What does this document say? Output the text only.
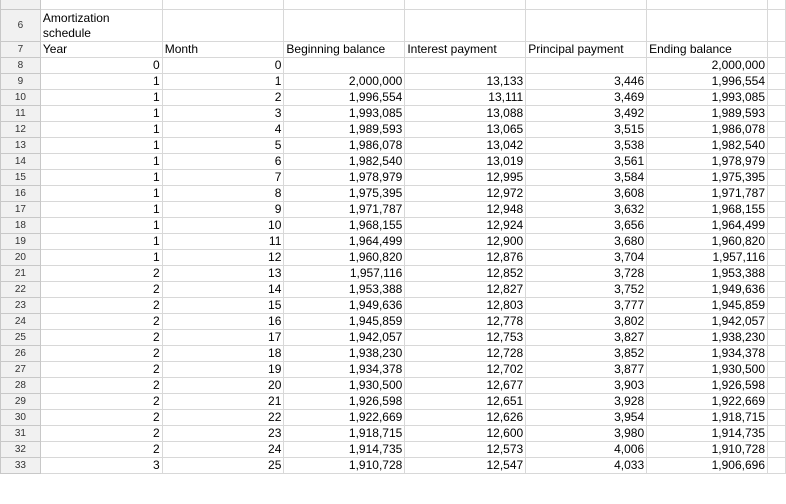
6	Amortization schedule						
7	Year	Month	Beginning balance	Interest payment	Principal payment	Ending balance	
8	0	0				2,000,000	
9	1	1	2,000,000	13,133	3,446	1,996,554	
10	1	2	1,996,554	13,111	3,469	1,993,085	
11	1	3	1,993,085	13,088	3,492	1,989,593	
12	1	4	1,989,593	13,065	3,515	1,986,078	
13	1	5	1,986,078	13,042	3,538	1,982,540	
14	1	6	1,982,540	13,019	3,561	1,978,979	
15	1	7	1,978,979	12,995	3,584	1,975,395	
16	1	8	1,975,395	12,972	3,608	1,971,787	
17	1	9	1,971,787	12,948	3,632	1,968,155	
18	1	10	1,968,155	12,924	3,656	1,964,499	
19	1	11	1,964,499	12,900	3,680	1,960,820	
20	1	12	1,960,820	12,876	3,704	1,957,116	
21	2	13	1,957,116	12,852	3,728	1,953,388	
22	2	14	1,953,388	12,827	3,752	1,949,636	
23	2	15	1,949,636	12,803	3,777	1,945,859	
24	2	16	1,945,859	12,778	3,802	1,942,057	
25	2	17	1,942,057	12,753	3,827	1,938,230	
26	2	18	1,938,230	12,728	3,852	1,934,378	
27	2	19	1,934,378	12,702	3,877	1,930,500	
28	2	20	1,930,500	12,677	3,903	1,926,598	
29	2	21	1,926,598	12,651	3,928	1,922,669	
30	2	22	1,922,669	12,626	3,954	1,918,715	
31	2	23	1,918,715	12,600	3,980	1,914,735	
32	2	24	1,914,735	12,573	4,006	1,910,728	
33	3	25	1,910,728	12,547	4,033	1,906,696	
